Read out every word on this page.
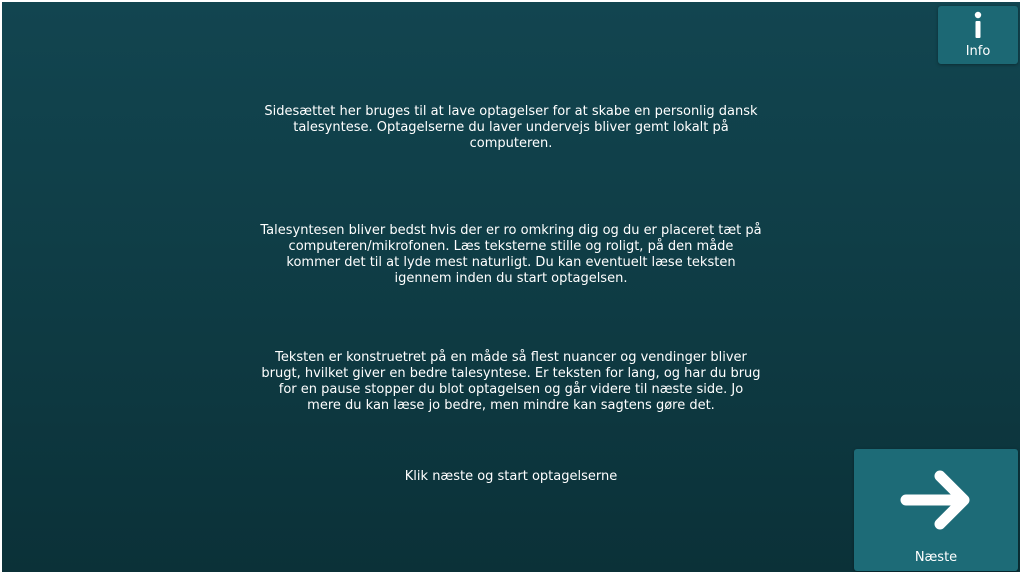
Info
Sidesættet her bruges til at lave optagelser for at skabe en personlig dansk talesyntese. Optagelserne du laver undervejs bliver gemt lokalt på computeren.
Talesyntesen bliver bedst hvis der er ro omkring dig og du er placeret tæt på computeren/mikrofonen. Læs teksterne stille og roligt, på den måde kommer det til at lyde mest naturligt. Du kan eventuelt læse teksten igennem inden du start optagelsen.
Teksten er konstruetret på en måde så flest nuancer og vendinger bliver brugt, hvilket giver en bedre talesyntese. Er teksten for lang, og har du brug for en pause stopper du blot optagelsen og går videre til næste side. Jo mere du kan læse jo bedre, men mindre kan sagtens gøre det.
Klik næste og start optagelserne
Næste
